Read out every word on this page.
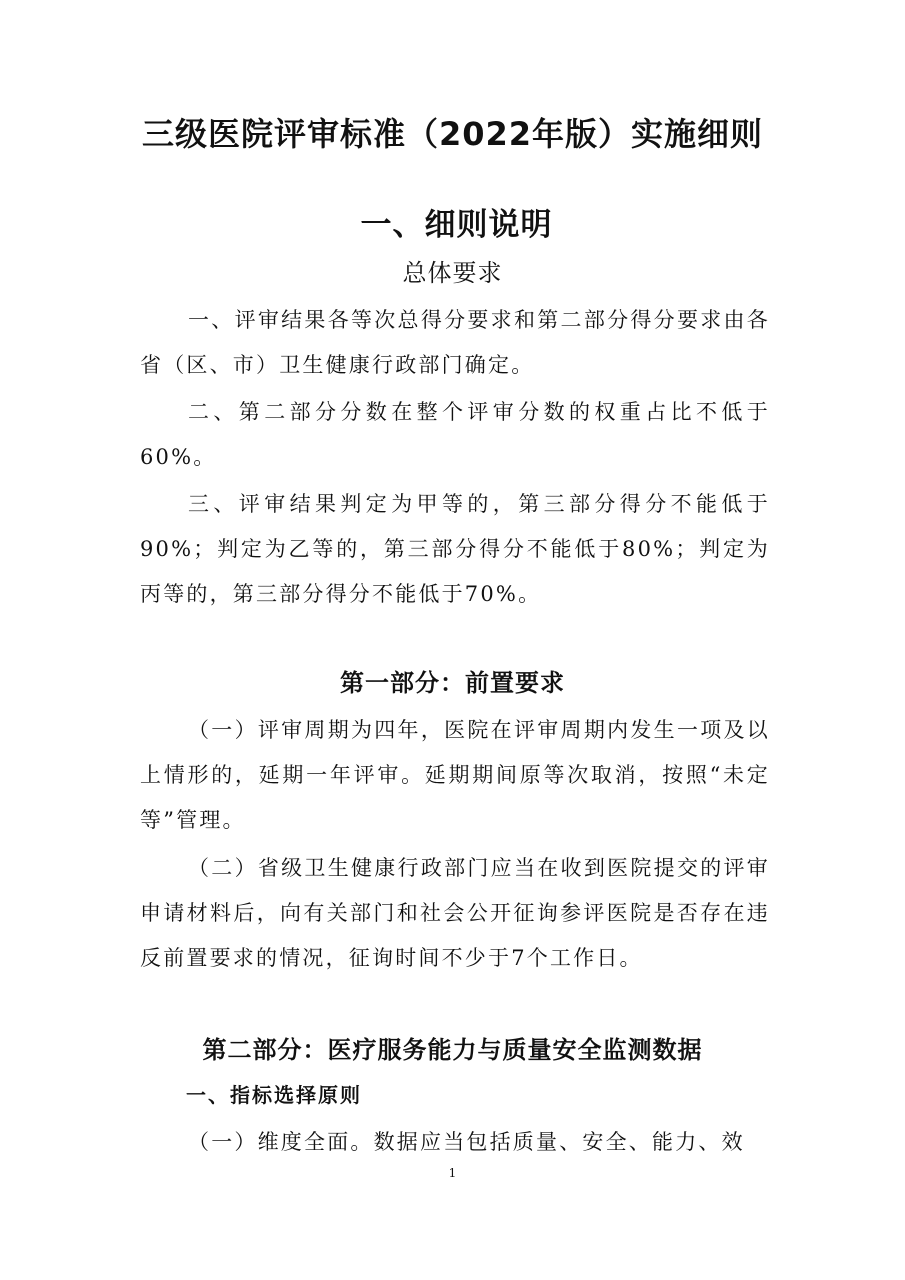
三级医院评审标准（2022年版）实施细则
一、细则说明
总体要求

一、评审结果各等次总得分要求和第二部分得分要求由各省（区、市）卫生健康行政部门确定。

二、第二部分分数在整个评审分数的权重占比不低于60%。

三、评审结果判定为甲等的，第三部分得分不能低于90%；判定为乙等的，第三部分得分不能低于80%；判定为丙等的，第三部分得分不能低于70%。

第一部分：前置要求

（一）评审周期为四年，医院在评审周期内发生一项及以上情形的，延期一年评审。延期期间原等次取消，按照“未定等”管理。

（二）省级卫生健康行政部门应当在收到医院提交的评审申请材料后，向有关部门和社会公开征询参评医院是否存在违反前置要求的情况，征询时间不少于7个工作日。

第二部分：医疗服务能力与质量安全监测数据
一、指标选择原则

（一）维度全面。数据应当包括质量、安全、能力、效

1
